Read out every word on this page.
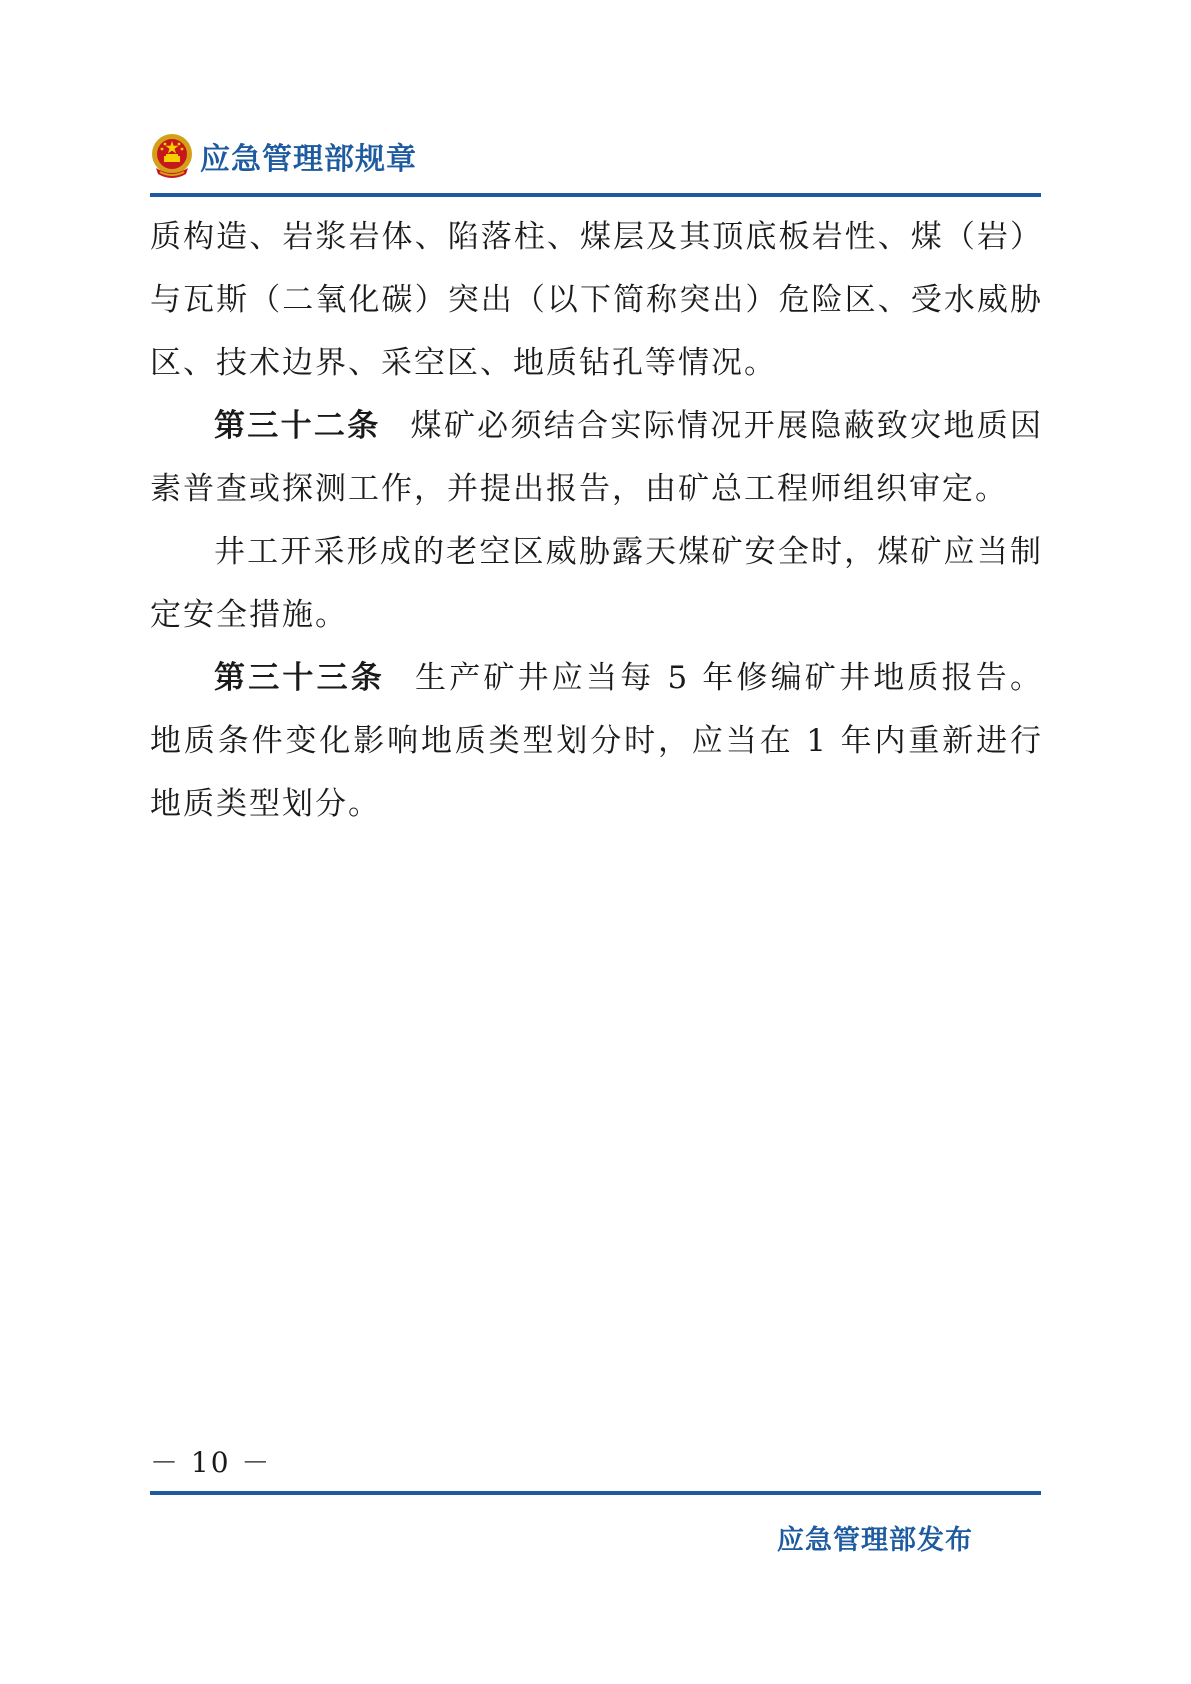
应急管理部规章

质构造、岩浆岩体、陷落柱、煤层及其顶底板岩性、煤（岩）与瓦斯（二氧化碳）突出（以下简称突出）危险区、受水威胁区、技术边界、采空区、地质钻孔等情况。

第三十二条 煤矿必须结合实际情况开展隐蔽致灾地质因素普查或探测工作，并提出报告，由矿总工程师组织审定。

井工开采形成的老空区威胁露天煤矿安全时，煤矿应当制定安全措施。

第三十三条 生产矿井应当每 5 年修编矿井地质报告。地质条件变化影响地质类型划分时，应当在 1 年内重新进行地质类型划分。

－ 10 －
应急管理部发布
